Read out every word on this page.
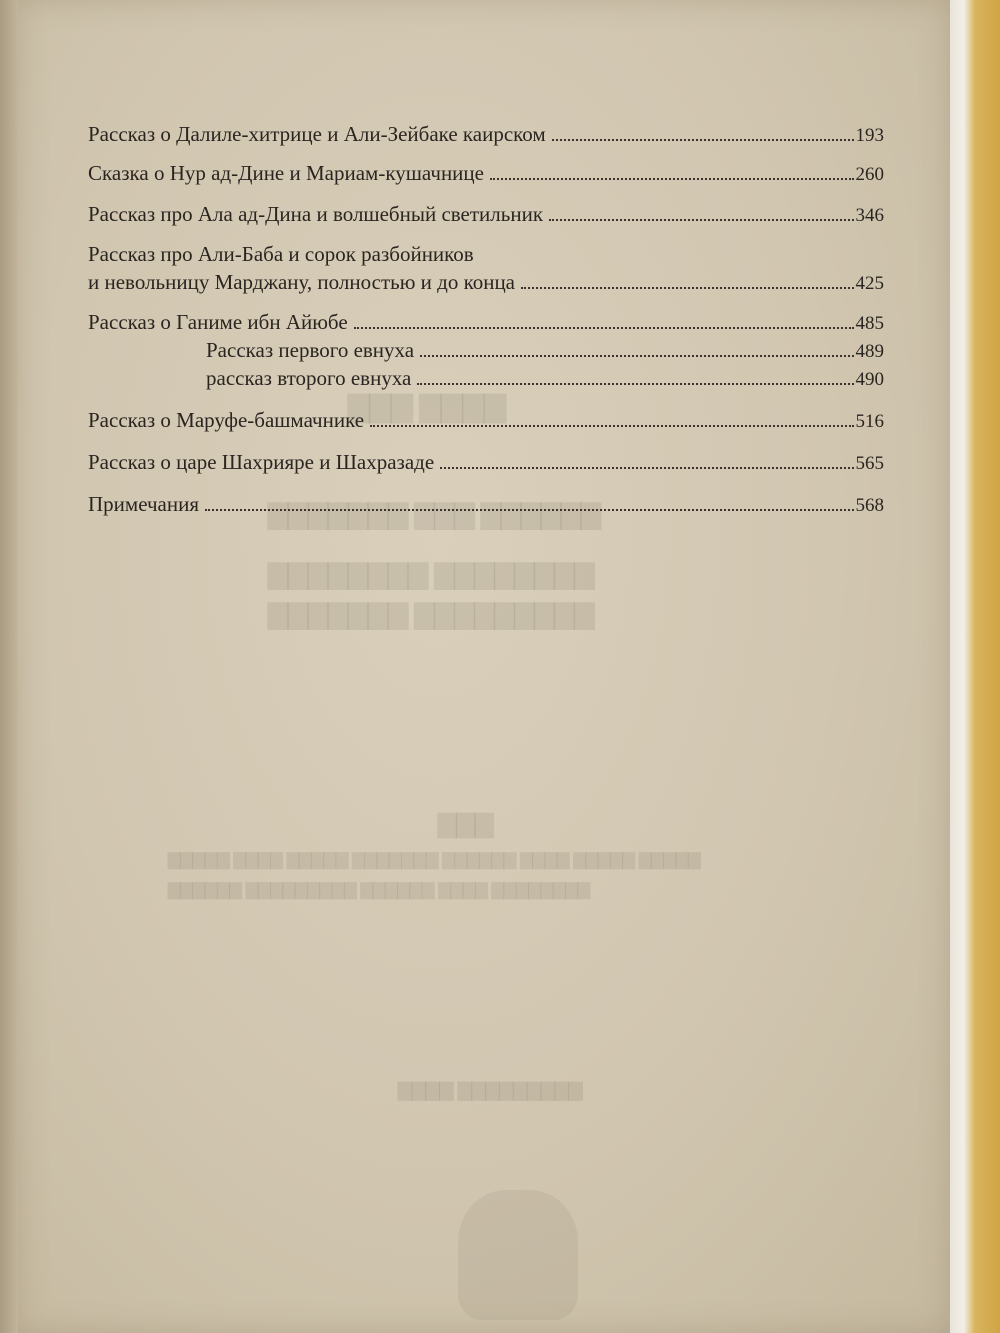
▇▇▇ ▇▇▇▇
▇▇▇▇▇▇▇ ▇▇▇ ▇▇▇▇▇▇
▇▇▇▇▇▇▇▇ ▇▇▇▇▇▇▇▇
▇▇▇▇▇▇▇ ▇▇▇▇▇▇▇▇▇
▇▇▇
▇▇▇▇▇ ▇▇▇▇ ▇▇▇▇▇ ▇▇▇▇▇▇▇ ▇▇▇▇▇▇ ▇▇▇▇ ▇▇▇▇▇ ▇▇▇▇▇
▇▇▇▇▇▇ ▇▇▇▇▇▇▇▇▇ ▇▇▇▇▇▇ ▇▇▇▇ ▇▇▇▇▇▇▇▇
▇▇▇▇ ▇▇▇▇▇▇▇▇▇
Рассказ о Далиле-хитрице и Али-Зейбаке каирском	193
Сказка о Нур ад-Дине и Мариам-кушачнице	260
Рассказ про Ала ад-Дина и волшебный светильник	346
Рассказ про Али-Баба и сорок разбойников
и невольницу Марджану, полностью и до конца	425
Рассказ о Ганиме ибн Айюбе	485
Рассказ первого евнуха	489
рассказ второго евнуха	490
Рассказ о Маруфе-башмачнике	516
Рассказ о царе Шахрияре и Шахразаде	565
Примечания	568
